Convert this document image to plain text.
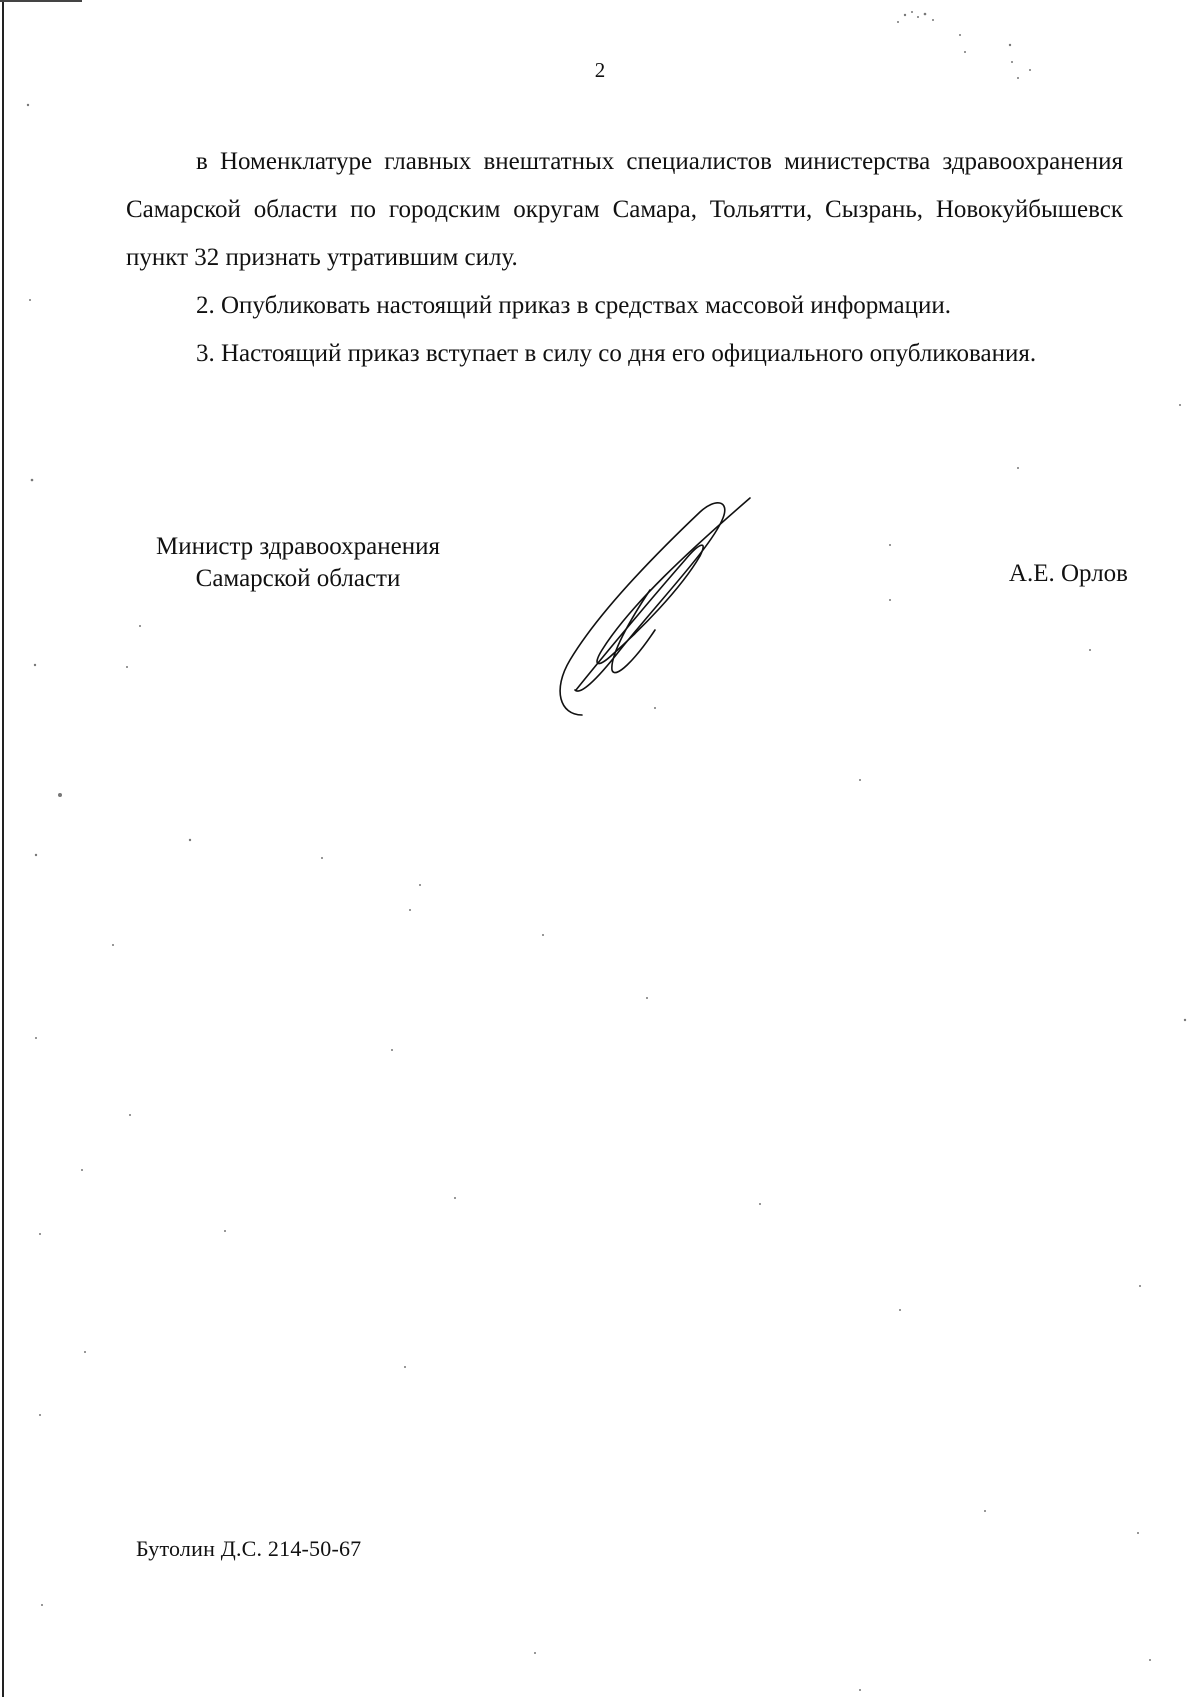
2

в Номенклатуре главных внештатных специалистов министерства здравоохранения Самарской области по городским округам Самара, Тольятти, Сызрань, Новокуйбышевск пункт 32 признать утратившим силу.

2. Опубликовать настоящий приказ в средствах массовой информации.

3. Настоящий приказ вступает в силу со дня его официального опубликования.

Министр здравоохранения
Самарской области	А.Е. Орлов
Бутолин Д.С. 214-50-67
